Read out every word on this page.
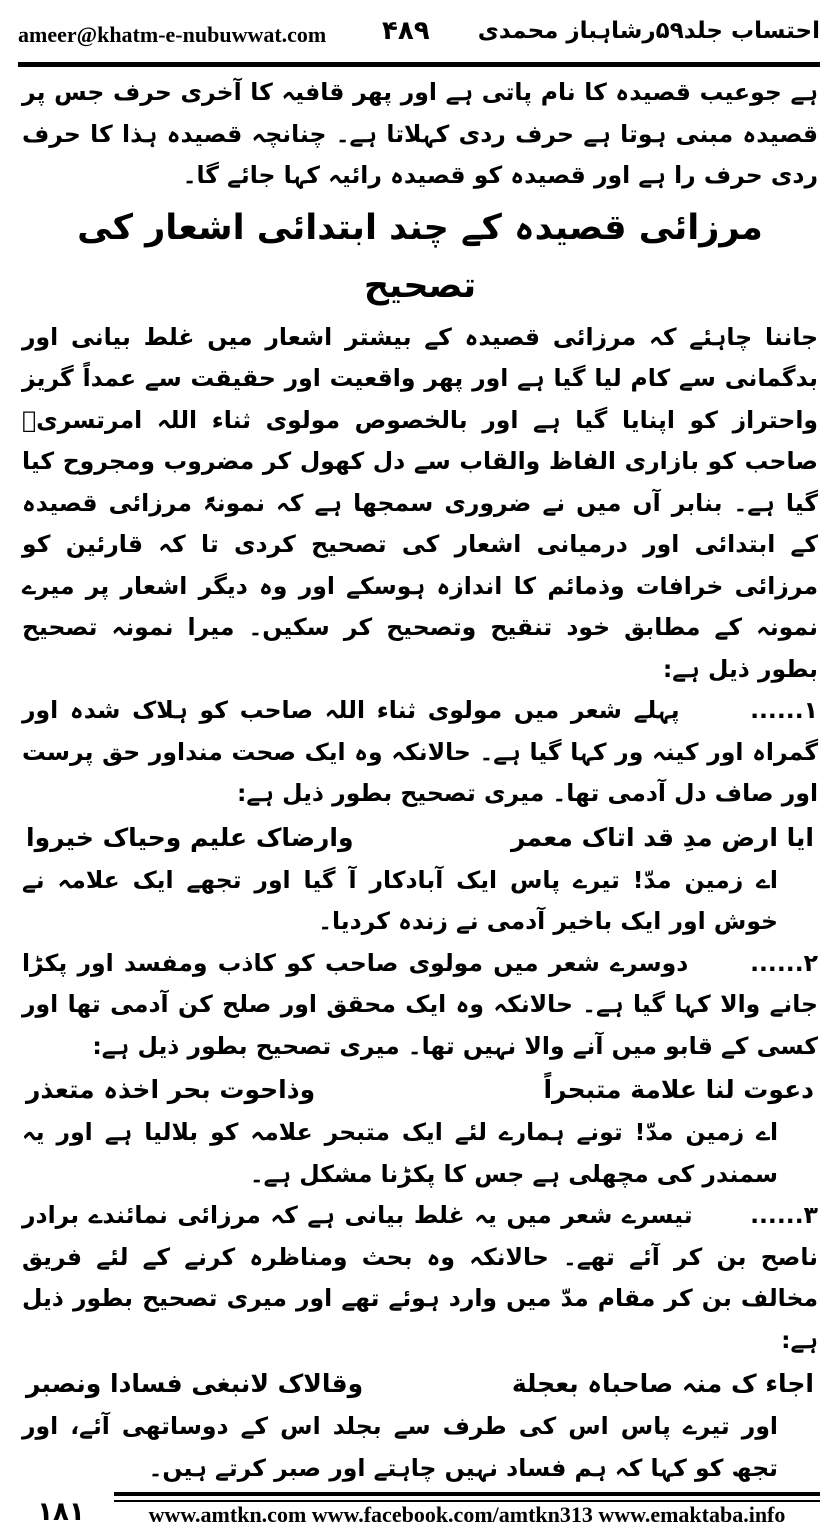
ameer@khatm-e-nubuwwat.com ۴۸۹ احتساب جلد۵۹رشاہباز محمدی

ہے جوعیب قصیدہ کا نام پاتی ہے اور پھر قافیہ کا آخری حرف جس پر قصیدہ مبنی ہوتا ہے حرف ردی کہلاتا ہے۔ چنانچہ قصیدہ ہذا کا حرف ردی حرف را ہے اور قصیدہ کو قصیدہ رائیہ کہا جائے گا۔

مرزائی قصیدہ کے چند ابتدائی اشعار کی تصحیح

جاننا چاہئے کہ مرزائی قصیدہ کے بیشتر اشعار میں غلط بیانی اور بدگمانی سے کام لیا گیا ہے اور پھر واقعیت اور حقیقت سے عمداً گریز واحتراز کو اپنایا گیا ہے اور بالخصوص مولوی ثناء اللہ امرتسریؒ صاحب کو بازاری الفاظ والقاب سے دل کھول کر مضروب ومجروح کیا گیا ہے۔ بنابر آں میں نے ضروری سمجھا ہے کہ نمونۃً مرزائی قصیدہ کے ابتدائی اور درمیانی اشعار کی تصحیح کردی تا کہ قارئین کو مرزائی خرافات وذمائم کا اندازہ ہوسکے اور وہ دیگر اشعار پر میرے نمونہ کے مطابق خود تنقیح وتصحیح کر سکیں۔ میرا نمونہ تصحیح بطور ذیل ہے:

۱......      پہلے شعر میں مولوی ثناء اللہ صاحب کو ہلاک شدہ اور گمراہ اور کینہ ور کہا گیا ہے۔ حالانکہ وہ ایک صحت منداور حق پرست اور صاف دل آدمی تھا۔ میری تصحیح بطور ذیل ہے:

ایا ارض مدِ قد اتاک معمر
وارضاک علیم وحیاک خیروا

اے زمین مدّ! تیرے پاس ایک آبادکار آ گیا اور تجھے ایک علامہ نے خوش اور ایک باخیر آدمی نے زندہ کردیا۔

۲......      دوسرے شعر میں مولوی صاحب کو کاذب ومفسد اور پکڑا جانے والا کہا گیا ہے۔ حالانکہ وہ ایک محقق اور صلح کن آدمی تھا اور کسی کے قابو میں آنے والا نہیں تھا۔ میری تصحیح بطور ذیل ہے:

دعوت لنا علامة متبحراً
وذاحوت بحر اخذہ متعذر

اے زمین مدّ! تونے ہمارے لئے ایک متبحر علامہ کو بلالیا ہے اور یہ سمندر کی مچھلی ہے جس کا پکڑنا مشکل ہے۔

۳......      تیسرے شعر میں یہ غلط بیانی ہے کہ مرزائی نمائندے برادر ناصح بن کر آئے تھے۔ حالانکہ وہ بحث ومناظرہ کرنے کے لئے فریق مخالف بن کر مقام مدّ میں وارد ہوئے تھے اور میری تصحیح بطور ذیل ہے:

اجاء ک منہ صاحباہ بعجلة
وقالاک لانبغی فسادا ونصبر

اور تیرے پاس اس کی طرف سے بجلد اس کے دوساتھی آئے، اور تجھ کو کہا کہ ہم فساد نہیں چاہتے اور صبر کرتے ہیں۔

۱۸۱	www.amtkn.com www.facebook.com/amtkn313 www.emaktaba.info
